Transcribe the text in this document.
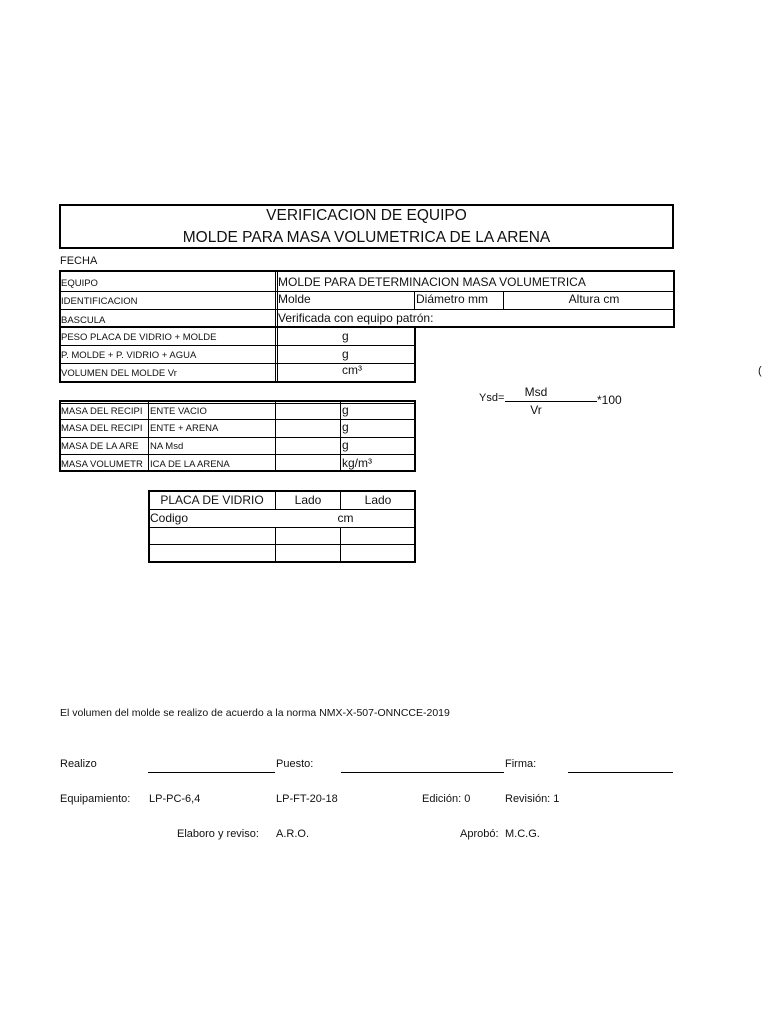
VERIFICACION DE EQUIPO
MOLDE PARA MASA VOLUMETRICA DE LA ARENA
FECHA
EQUIPO	MOLDE PARA DETERMINACION MASA VOLUMETRICA
IDENTIFICACION	Molde	Diámetro mm	Altura cm
BASCULA	Verificada con equipo patrón:
PESO PLACA DE VIDRIO + MOLDE	g
P. MOLDE + P. VIDRIO + AGUA	g
VOLUMEN DEL MOLDE Vr	cm³	(
Ysd=	Msd
Vr
*100
MASA DEL RECIPI ENTE VACIO	g
MASA DEL RECIPI ENTE + ARENA	g
MASA DE LA ARE NA Msd	g
MASA VOLUMETR ICA DE LA ARENA	kg/m³
PLACA DE VIDRIO	Lado	Lado
Codigo	cm
El volumen del molde se realizo de acuerdo a la norma NMX-X-507-ONNCCE-2019
Realizo	Puesto:	Firma:
Equipamiento: LP-PC-6,4	LP-FT-20-18	Edición: 0	Revisión: 1
Elaboro y reviso: A.R.O.	Aprobó: M.C.G.
